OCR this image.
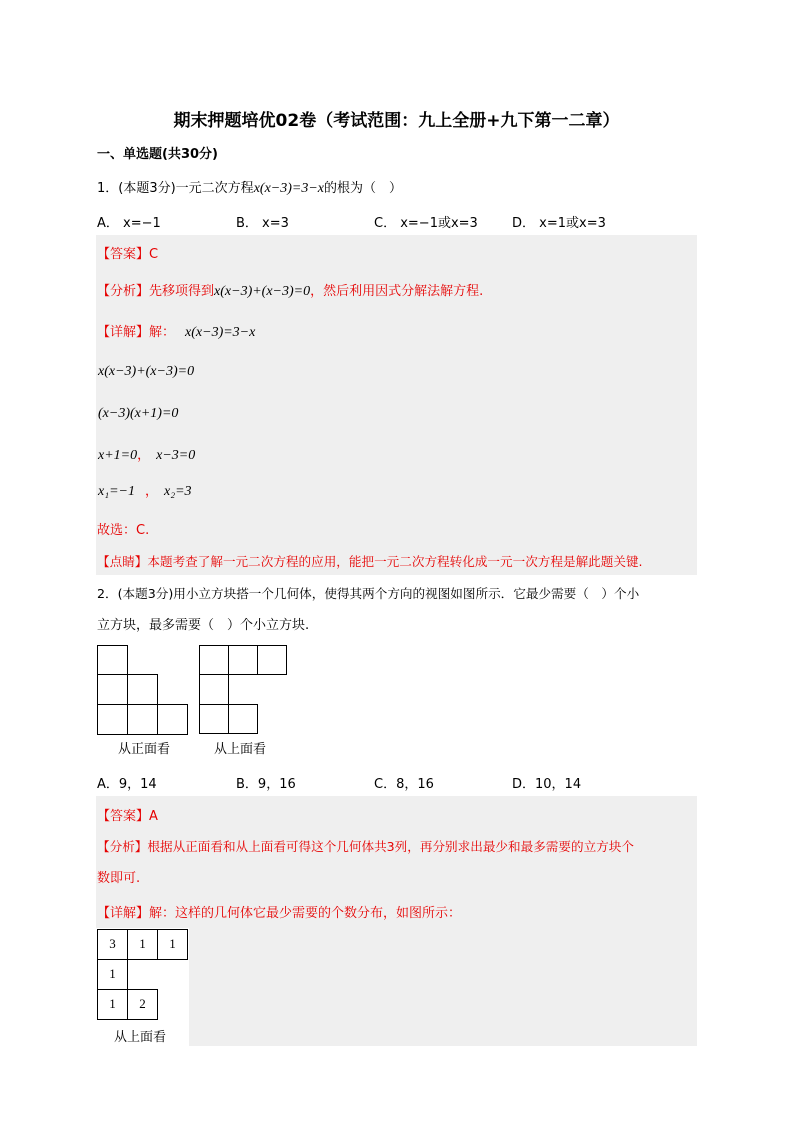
期末押题培优02卷（考试范围：九上全册+九下第一二章）
一、单选题(共30分)
1．(本题3分)一元二次方程x(x−3)=3−x的根为（　）
A． x=−1	B． x=3	C． x=−1或x=3	D． x=1或x=3
【答案】C
【分析】先移项得到x(x−3)+(x−3)=0，然后利用因式分解法解方程.
【详解】解： x(x−3)=3−x
x(x−3)+(x−3)=0
(x−3)(x+1)=0
x+1=0， x−3=0
x₁=−1 ， x₂=3
故选：C.
【点睛】本题考查了解一元二次方程的应用，能把一元二次方程转化成一元一次方程是解此题关键.
2．(本题3分)用小立方块搭一个几何体，使得其两个方向的视图如图所示．它最少需要（　）个小
立方块，最多需要（　）个小立方块.
从正面看	从上面看
A．9，14	B．9，16	C．8，16	D．10，14
【答案】A
【分析】根据从正面看和从上面看可得这个几何体共3列，再分别求出最少和最多需要的立方块个
数即可.
【详解】解：这样的几何体它最少需要的个数分布，如图所示：
3	1	1
1
1	2
从上面看
